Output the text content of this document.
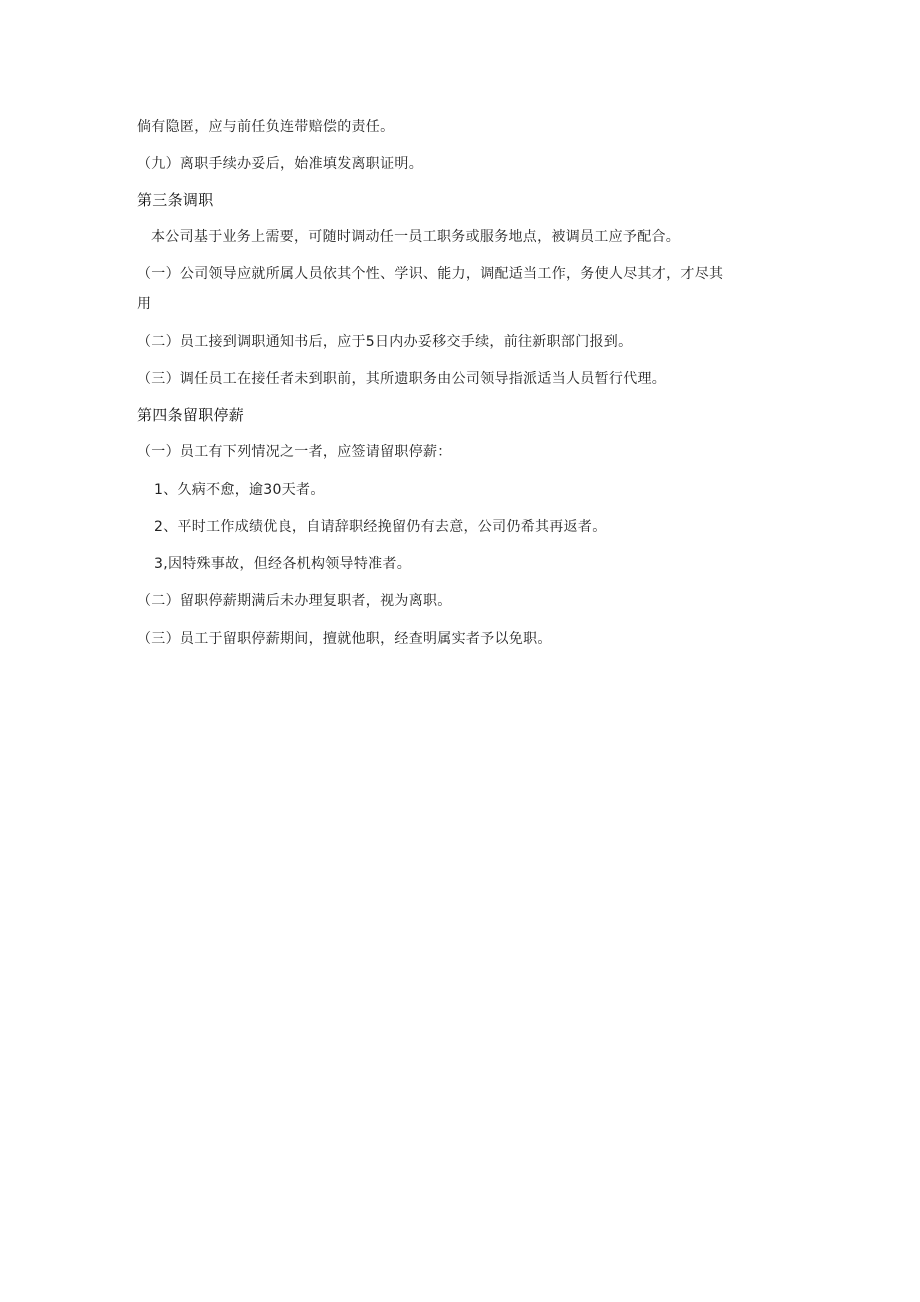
倘有隐匿，应与前任负连带赔偿的责任。
（九）离职手续办妥后，始准填发离职证明。
第三条调职
本公司基于业务上需要，可随时调动任一员工职务或服务地点，被调员工应予配合。
（一）公司领导应就所属人员依其个性、学识、能力，调配适当工作，务使人尽其才，才尽其
用
（二）员工接到调职通知书后，应于5日内办妥移交手续，前往新职部门报到。
（三）调任员工在接任者未到职前，其所遗职务由公司领导指派适当人员暂行代理。
第四条留职停薪
（一）员工有下列情况之一者，应签请留职停薪：
1、久病不愈，逾30天者。
2、平时工作成绩优良，自请辞职经挽留仍有去意，公司仍希其再返者。
3,因特殊事故，但经各机构领导特准者。
（二）留职停薪期满后未办理复职者，视为离职。
（三）员工于留职停薪期间，擅就他职，经查明属实者予以免职。
